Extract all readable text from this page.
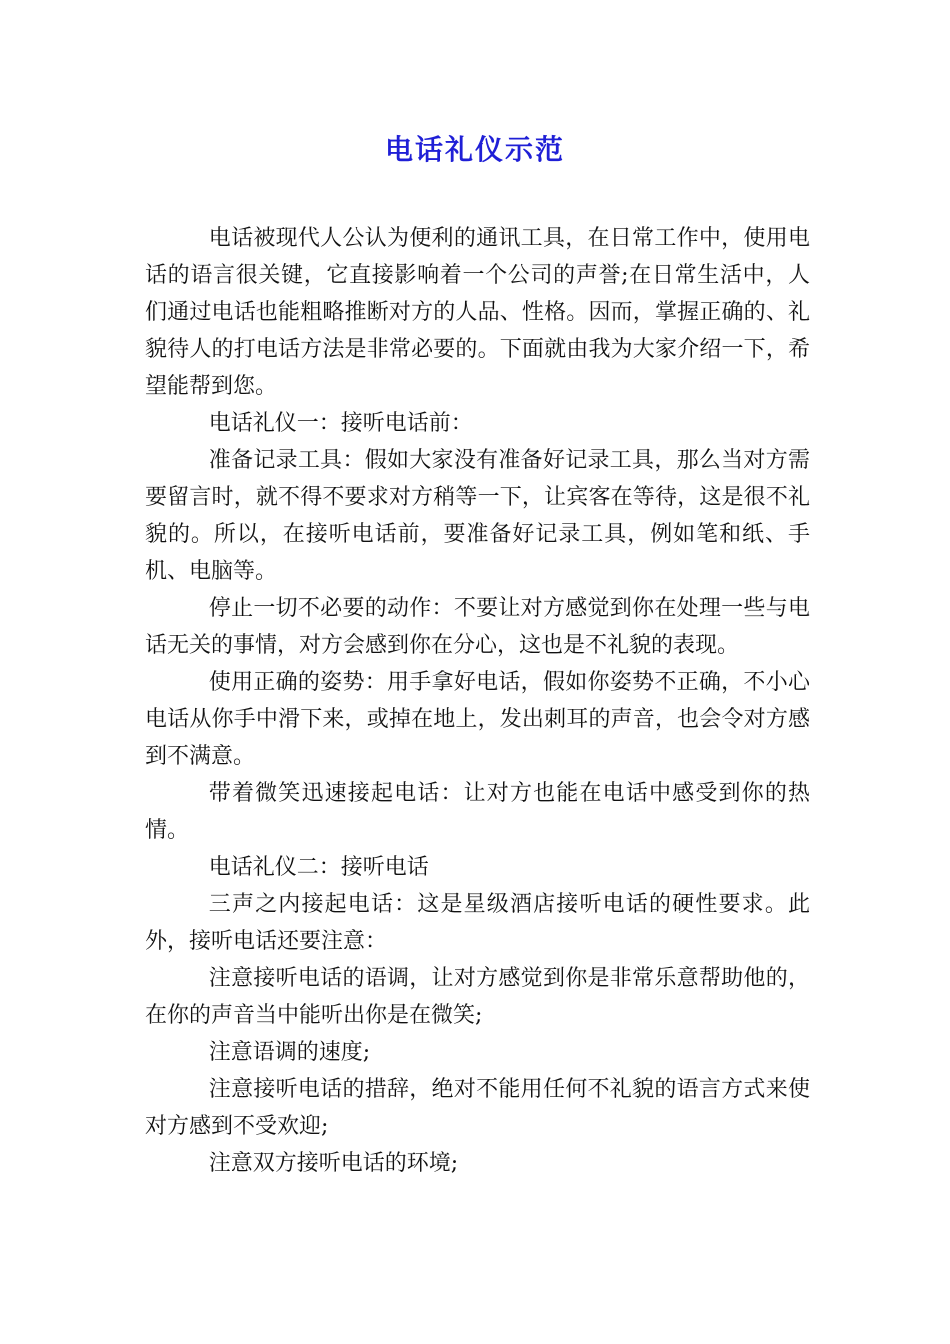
电话礼仪示范

电话被现代人公认为便利的通讯工具，在日常工作中，使用电话的语言很关键，它直接影响着一个公司的声誉;在日常生活中，人们通过电话也能粗略推断对方的人品、性格。因而，掌握正确的、礼貌待人的打电话方法是非常必要的。下面就由我为大家介绍一下，希望能帮到您。

电话礼仪一：接听电话前：

准备记录工具：假如大家没有准备好记录工具，那么当对方需要留言时，就不得不要求对方稍等一下，让宾客在等待，这是很不礼貌的。所以，在接听电话前，要准备好记录工具，例如笔和纸、手机、电脑等。

停止一切不必要的动作：不要让对方感觉到你在处理一些与电话无关的事情，对方会感到你在分心，这也是不礼貌的表现。

使用正确的姿势：用手拿好电话，假如你姿势不正确，不小心电话从你手中滑下来，或掉在地上，发出刺耳的声音，也会令对方感到不满意。

带着微笑迅速接起电话：让对方也能在电话中感受到你的热情。

电话礼仪二：接听电话

三声之内接起电话：这是星级酒店接听电话的硬性要求。此外，接听电话还要注意：

注意接听电话的语调，让对方感觉到你是非常乐意帮助他的，在你的声音当中能听出你是在微笑;

注意语调的速度;

注意接听电话的措辞，绝对不能用任何不礼貌的语言方式来使对方感到不受欢迎;

注意双方接听电话的环境;
